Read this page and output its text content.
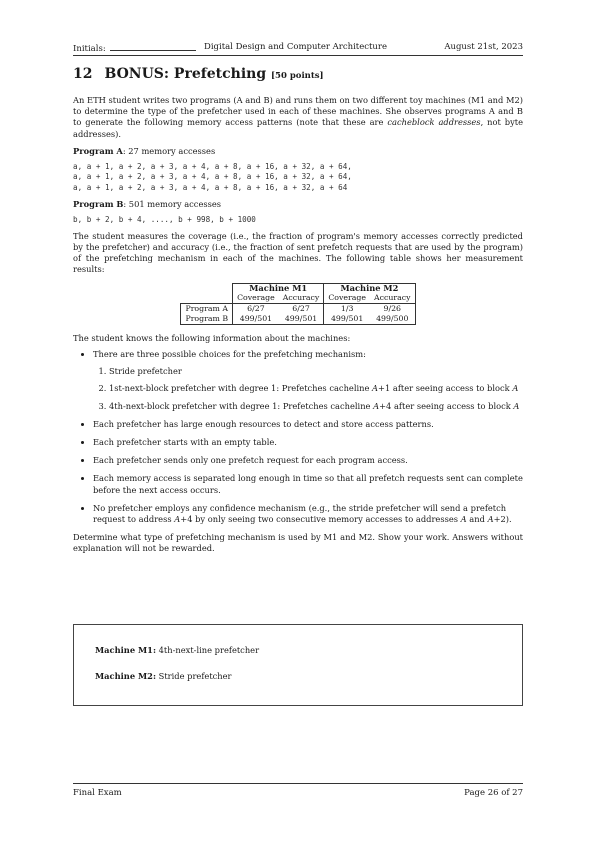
Initials:	Digital Design and Computer Architecture	August 21st, 2023
12 BONUS: Prefetching [50 points]

An ETH student writes two programs (A and B) and runs them on two different toy machines (M1 and M2) to determine the type of the prefetcher used in each of these machines. She observes programs A and B to generate the following memory access patterns (note that these are cacheblock addresses, not byte addresses).

Program A: 27 memory accesses
a, a + 1, a + 2, a + 3, a + 4, a + 8, a + 16, a + 32, a + 64,
a, a + 1, a + 2, a + 3, a + 4, a + 8, a + 16, a + 32, a + 64,
a, a + 1, a + 2, a + 3, a + 4, a + 8, a + 16, a + 32, a + 64
Program B: 501 memory accesses
b, b + 2, b + 4, ...., b + 998, b + 1000

The student measures the coverage (i.e., the fraction of program's memory accesses correctly predicted by the prefetcher) and accuracy (i.e., the fraction of sent prefetch requests that are used by the program) of the prefetching mechanism in each of the machines. The following table shows her measurement results:

	Machine M1		Machine M2	
	Coverage	Accuracy	Coverage	Accuracy
Program A	6/27	6/27	1/3	9/26
Program B	499/501	499/501	499/501	499/500

The student knows the following information about the machines:

• There are three possible choices for the prefetching mechanism:
1. Stride prefetcher
2. 1st-next-block prefetcher with degree 1: Prefetches cacheline A+1 after seeing access to block A
3. 4th-next-block prefetcher with degree 1: Prefetches cacheline A+4 after seeing access to block A
• Each prefetcher has large enough resources to detect and store access patterns.
• Each prefetcher starts with an empty table.
• Each prefetcher sends only one prefetch request for each program access.
• Each memory access is separated long enough in time so that all prefetch requests sent can complete before the next access occurs.
• No prefetcher employs any confidence mechanism (e.g., the stride prefetcher will send a prefetch request to address A+4 by only seeing two consecutive memory accesses to addresses A and A+2).

Determine what type of prefetching mechanism is used by M1 and M2. Show your work. Answers without explanation will not be rewarded.

Machine M1: 4th-next-line prefetcher
Machine M2: Stride prefetcher
Final Exam	Page 26 of 27
